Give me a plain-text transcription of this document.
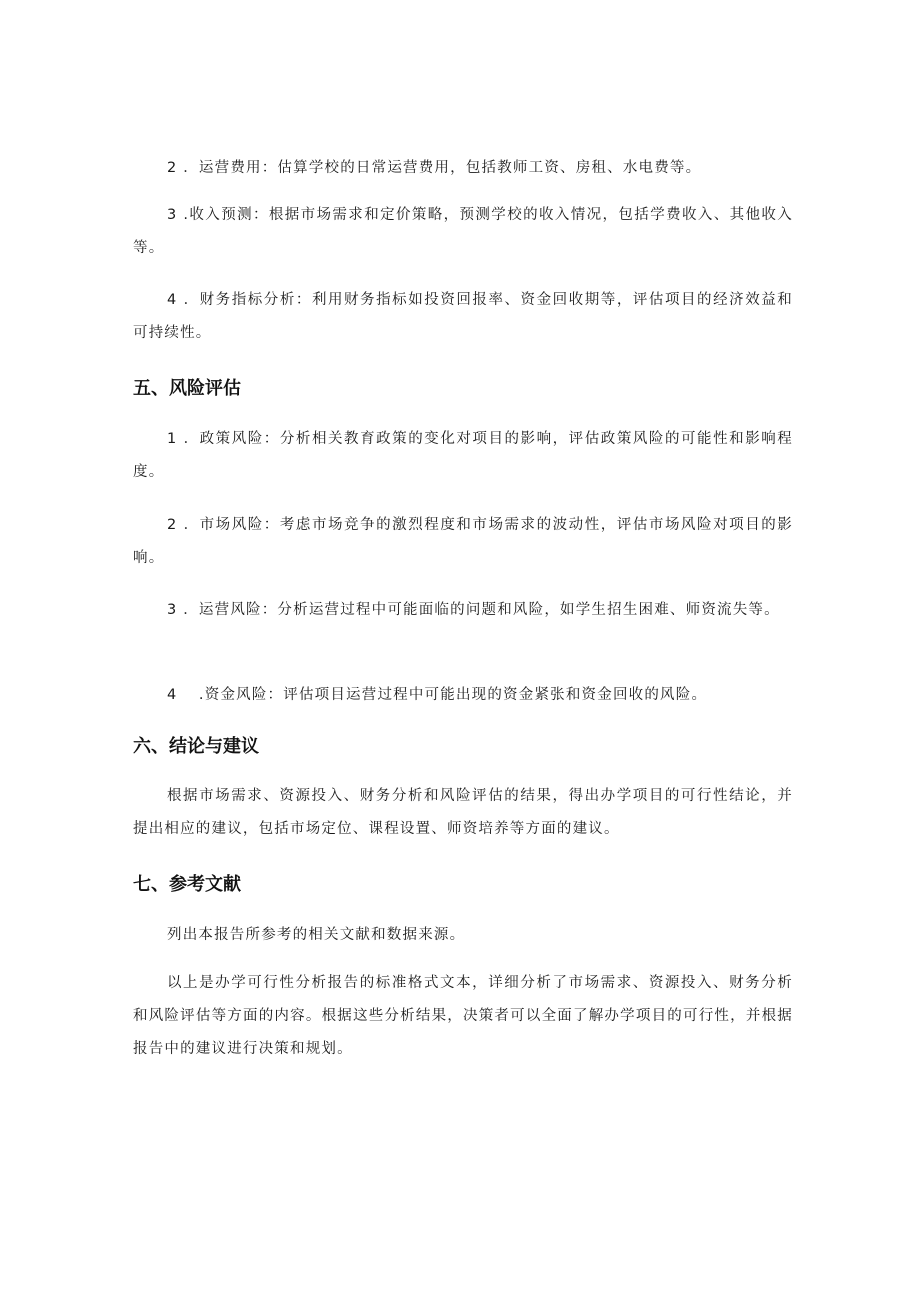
2 ．运营费用：估算学校的日常运营费用，包括教师工资、房租、水电费等。

3 .收入预测：根据市场需求和定价策略，预测学校的收入情况，包括学费收入、其他收入等。

4 ．财务指标分析：利用财务指标如投资回报率、资金回收期等，评估项目的经济效益和可持续性。

五、风险评估

1 ．政策风险：分析相关教育政策的变化对项目的影响，评估政策风险的可能性和影响程度。

2 ．市场风险：考虑市场竞争的激烈程度和市场需求的波动性，评估市场风险对项目的影响。

3 ．运营风险：分析运营过程中可能面临的问题和风险，如学生招生困难、师资流失等。

4 　.资金风险：评估项目运营过程中可能出现的资金紧张和资金回收的风险。

六、结论与建议

根据市场需求、资源投入、财务分析和风险评估的结果，得出办学项目的可行性结论，并提出相应的建议，包括市场定位、课程设置、师资培养等方面的建议。

七、参考文献

列出本报告所参考的相关文献和数据来源。

以上是办学可行性分析报告的标准格式文本，详细分析了市场需求、资源投入、财务分析和风险评估等方面的内容。根据这些分析结果，决策者可以全面了解办学项目的可行性，并根据报告中的建议进行决策和规划。
